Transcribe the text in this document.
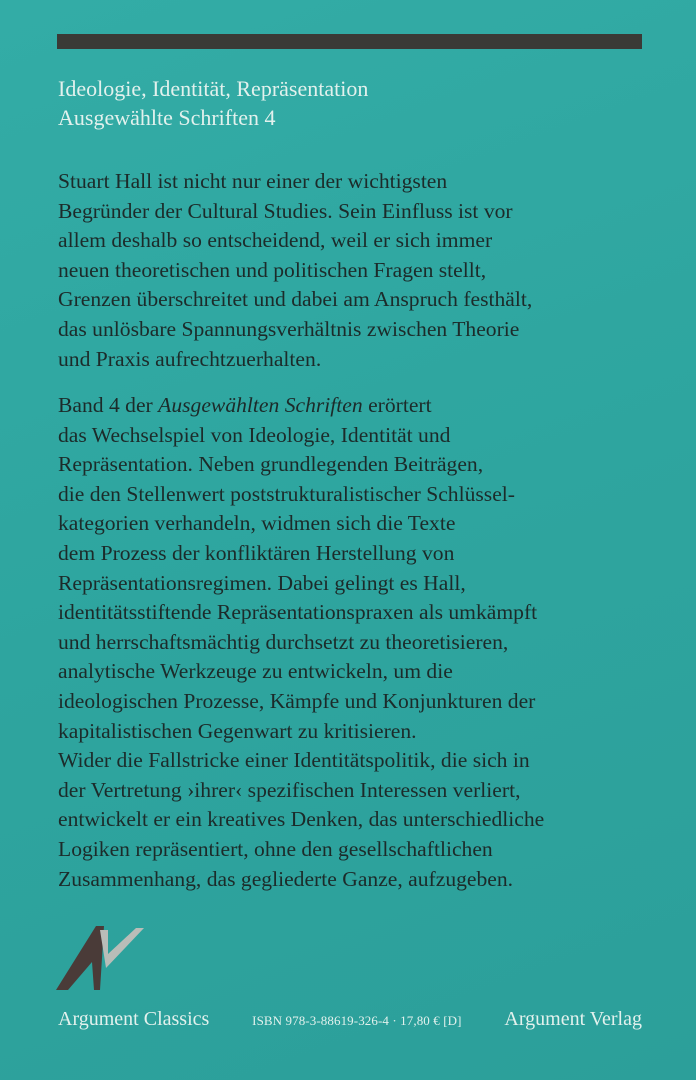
Ideologie, Identität, Repräsentation
Ausgewählte Schriften 4
Stuart Hall ist nicht nur einer der wichtigsten
Begründer der Cultural Studies. Sein Einfluss ist vor
allem deshalb so entscheidend, weil er sich immer
neuen theoretischen und politischen Fragen stellt,
Grenzen überschreitet und dabei am Anspruch festhält,
das unlösbare Spannungsverhältnis zwischen Theorie
und Praxis aufrechtzuerhalten.
Band 4 der Ausgewählten Schriften erörtert
das Wechselspiel von Ideologie, Identität und
Repräsentation. Neben grundlegenden Beiträgen,
die den Stellenwert poststrukturalistischer Schlüssel-
kategorien verhandeln, widmen sich die Texte
dem Prozess der konfliktären Herstellung von
Repräsentationsregimen. Dabei gelingt es Hall,
identitätsstiftende Repräsentationspraxen als umkämpft
und herrschaftsmächtig durchsetzt zu theoretisieren,
analytische Werkzeuge zu entwickeln, um die
ideologischen Prozesse, Kämpfe und Konjunkturen der
kapitalistischen Gegenwart zu kritisieren.
Wider die Fallstricke einer Identitätspolitik, die sich in
der Vertretung ›ihrer‹ spezifischen Interessen verliert,
entwickelt er ein kreatives Denken, das unterschiedliche
Logiken repräsentiert, ohne den gesellschaftlichen
Zusammenhang, das gegliederte Ganze, aufzugeben.
Argument Classics	ISBN 978-3-88619-326-4 · 17,80 € [D] Argument Verlag
